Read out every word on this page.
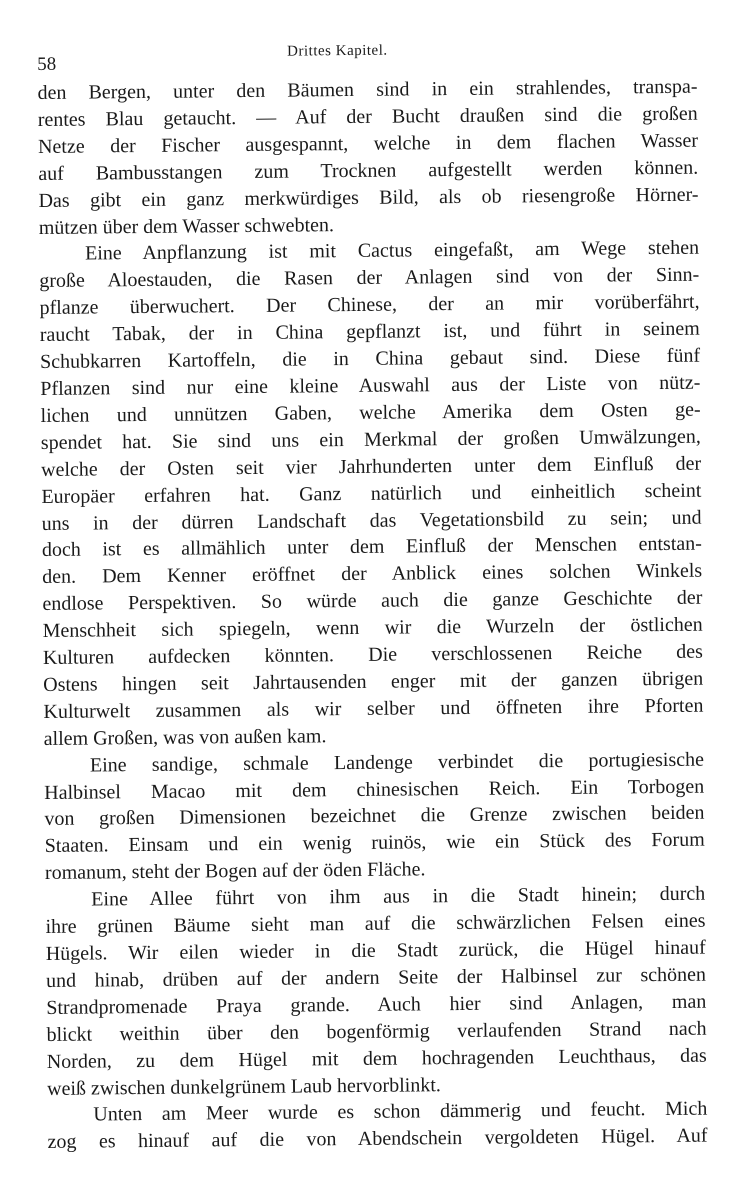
58
Drittes Kapitel.
den Bergen, unter den Bäumen sind in ein strahlendes, transpa-
rentes Blau getaucht. — Auf der Bucht draußen sind die großen
Netze der Fischer ausgespannt, welche in dem flachen Wasser
auf Bambusstangen zum Trocknen aufgestellt werden können.
Das gibt ein ganz merkwürdiges Bild, als ob riesengroße Hörner-
mützen über dem Wasser schwebten.
Eine Anpflanzung ist mit Cactus eingefaßt, am Wege stehen
große Aloestauden, die Rasen der Anlagen sind von der Sinn-
pflanze überwuchert. Der Chinese, der an mir vorüberfährt,
raucht Tabak, der in China gepflanzt ist, und führt in seinem
Schubkarren Kartoffeln, die in China gebaut sind. Diese fünf
Pflanzen sind nur eine kleine Auswahl aus der Liste von nütz-
lichen und unnützen Gaben, welche Amerika dem Osten ge-
spendet hat. Sie sind uns ein Merkmal der großen Umwälzungen,
welche der Osten seit vier Jahrhunderten unter dem Einfluß der
Europäer erfahren hat. Ganz natürlich und einheitlich scheint
uns in der dürren Landschaft das Vegetationsbild zu sein; und
doch ist es allmählich unter dem Einfluß der Menschen entstan-
den. Dem Kenner eröffnet der Anblick eines solchen Winkels
endlose Perspektiven. So würde auch die ganze Geschichte der
Menschheit sich spiegeln, wenn wir die Wurzeln der östlichen
Kulturen aufdecken könnten. Die verschlossenen Reiche des
Ostens hingen seit Jahrtausenden enger mit der ganzen übrigen
Kulturwelt zusammen als wir selber und öffneten ihre Pforten
allem Großen, was von außen kam.
Eine sandige, schmale Landenge verbindet die portugiesische
Halbinsel Macao mit dem chinesischen Reich. Ein Torbogen
von großen Dimensionen bezeichnet die Grenze zwischen beiden
Staaten. Einsam und ein wenig ruinös, wie ein Stück des Forum
romanum, steht der Bogen auf der öden Fläche.
Eine Allee führt von ihm aus in die Stadt hinein; durch
ihre grünen Bäume sieht man auf die schwärzlichen Felsen eines
Hügels. Wir eilen wieder in die Stadt zurück, die Hügel hinauf
und hinab, drüben auf der andern Seite der Halbinsel zur schönen
Strandpromenade Praya grande. Auch hier sind Anlagen, man
blickt weithin über den bogenförmig verlaufenden Strand nach
Norden, zu dem Hügel mit dem hochragenden Leuchthaus, das
weiß zwischen dunkelgrünem Laub hervorblinkt.
Unten am Meer wurde es schon dämmerig und feucht. Mich
zog es hinauf auf die von Abendschein vergoldeten Hügel. Auf
